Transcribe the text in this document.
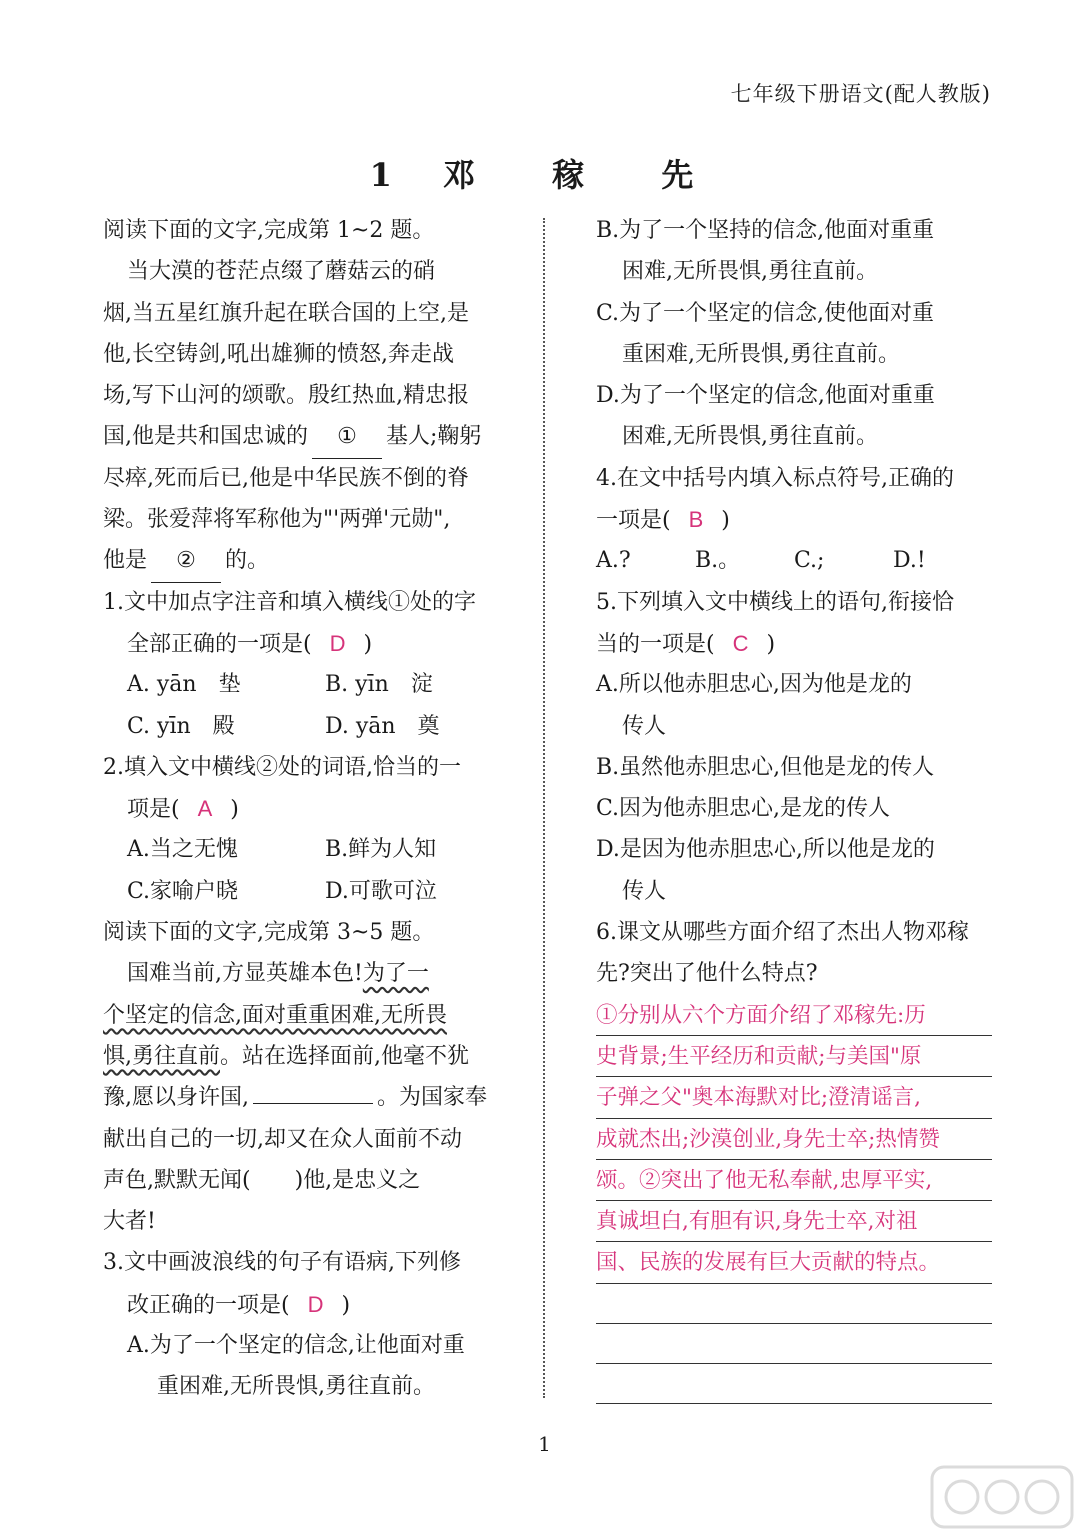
七年级下册语文(配人教版)
1 邓 稼 先
阅读下面的文字,完成第 1~2 题。
当大漠的苍茫点缀了蘑菇云的硝
烟,当五星红旗升起在联合国的上空,是
他,长空铸剑,吼出雄狮的愤怒,奔走战
场,写下山河的颂歌。殷红热血,精忠报
国,他是共和国忠诚的 ① 基人;鞠躬
尽瘁,死而后已,他是中华民族不倒的脊
梁。张爱萍将军称他为"'两弹'元勋",
他是 ② 的。
1.文中加点字注音和填入横线①处的字
全部正确的一项是( D )
A. yān　垫	B. yīn　淀
C. yīn　殿	D. yān　奠
2.填入文中横线②处的词语,恰当的一
项是( A )
A.当之无愧	B.鲜为人知
C.家喻户晓	D.可歌可泣
阅读下面的文字,完成第 3~5 题。
国难当前,方显英雄本色!为了一
个坚定的信念,面对重重困难,无所畏
惧,勇往直前。站在选择面前,他毫不犹
豫,愿以身许国,	。为国家奉
献出自己的一切,却又在众人面前不动
声色,默默无闻(　　)他,是忠义之
大者!
3.文中画波浪线的句子有语病,下列修
改正确的一项是( D )
A.为了一个坚定的信念,让他面对重
重困难,无所畏惧,勇往直前。
B.为了一个坚持的信念,他面对重重
困难,无所畏惧,勇往直前。
C.为了一个坚定的信念,使他面对重
重困难,无所畏惧,勇往直前。
D.为了一个坚定的信念,他面对重重
困难,无所畏惧,勇往直前。
4.在文中括号内填入标点符号,正确的
一项是( B )
A.?	B.。	C.;	D.!
5.下列填入文中横线上的语句,衔接恰
当的一项是( C )
A.所以他赤胆忠心,因为他是龙的
传人
B.虽然他赤胆忠心,但他是龙的传人
C.因为他赤胆忠心,是龙的传人
D.是因为他赤胆忠心,所以他是龙的
传人
6.课文从哪些方面介绍了杰出人物邓稼
先?突出了他什么特点?
①分别从六个方面介绍了邓稼先:历
史背景;生平经历和贡献;与美国"原
子弹之父"奥本海默对比;澄清谣言,
成就杰出;沙漠创业,身先士卒;热情赞
颂。②突出了他无私奉献,忠厚平实,
真诚坦白,有胆有识,身先士卒,对祖
国、民族的发展有巨大贡献的特点。
1
